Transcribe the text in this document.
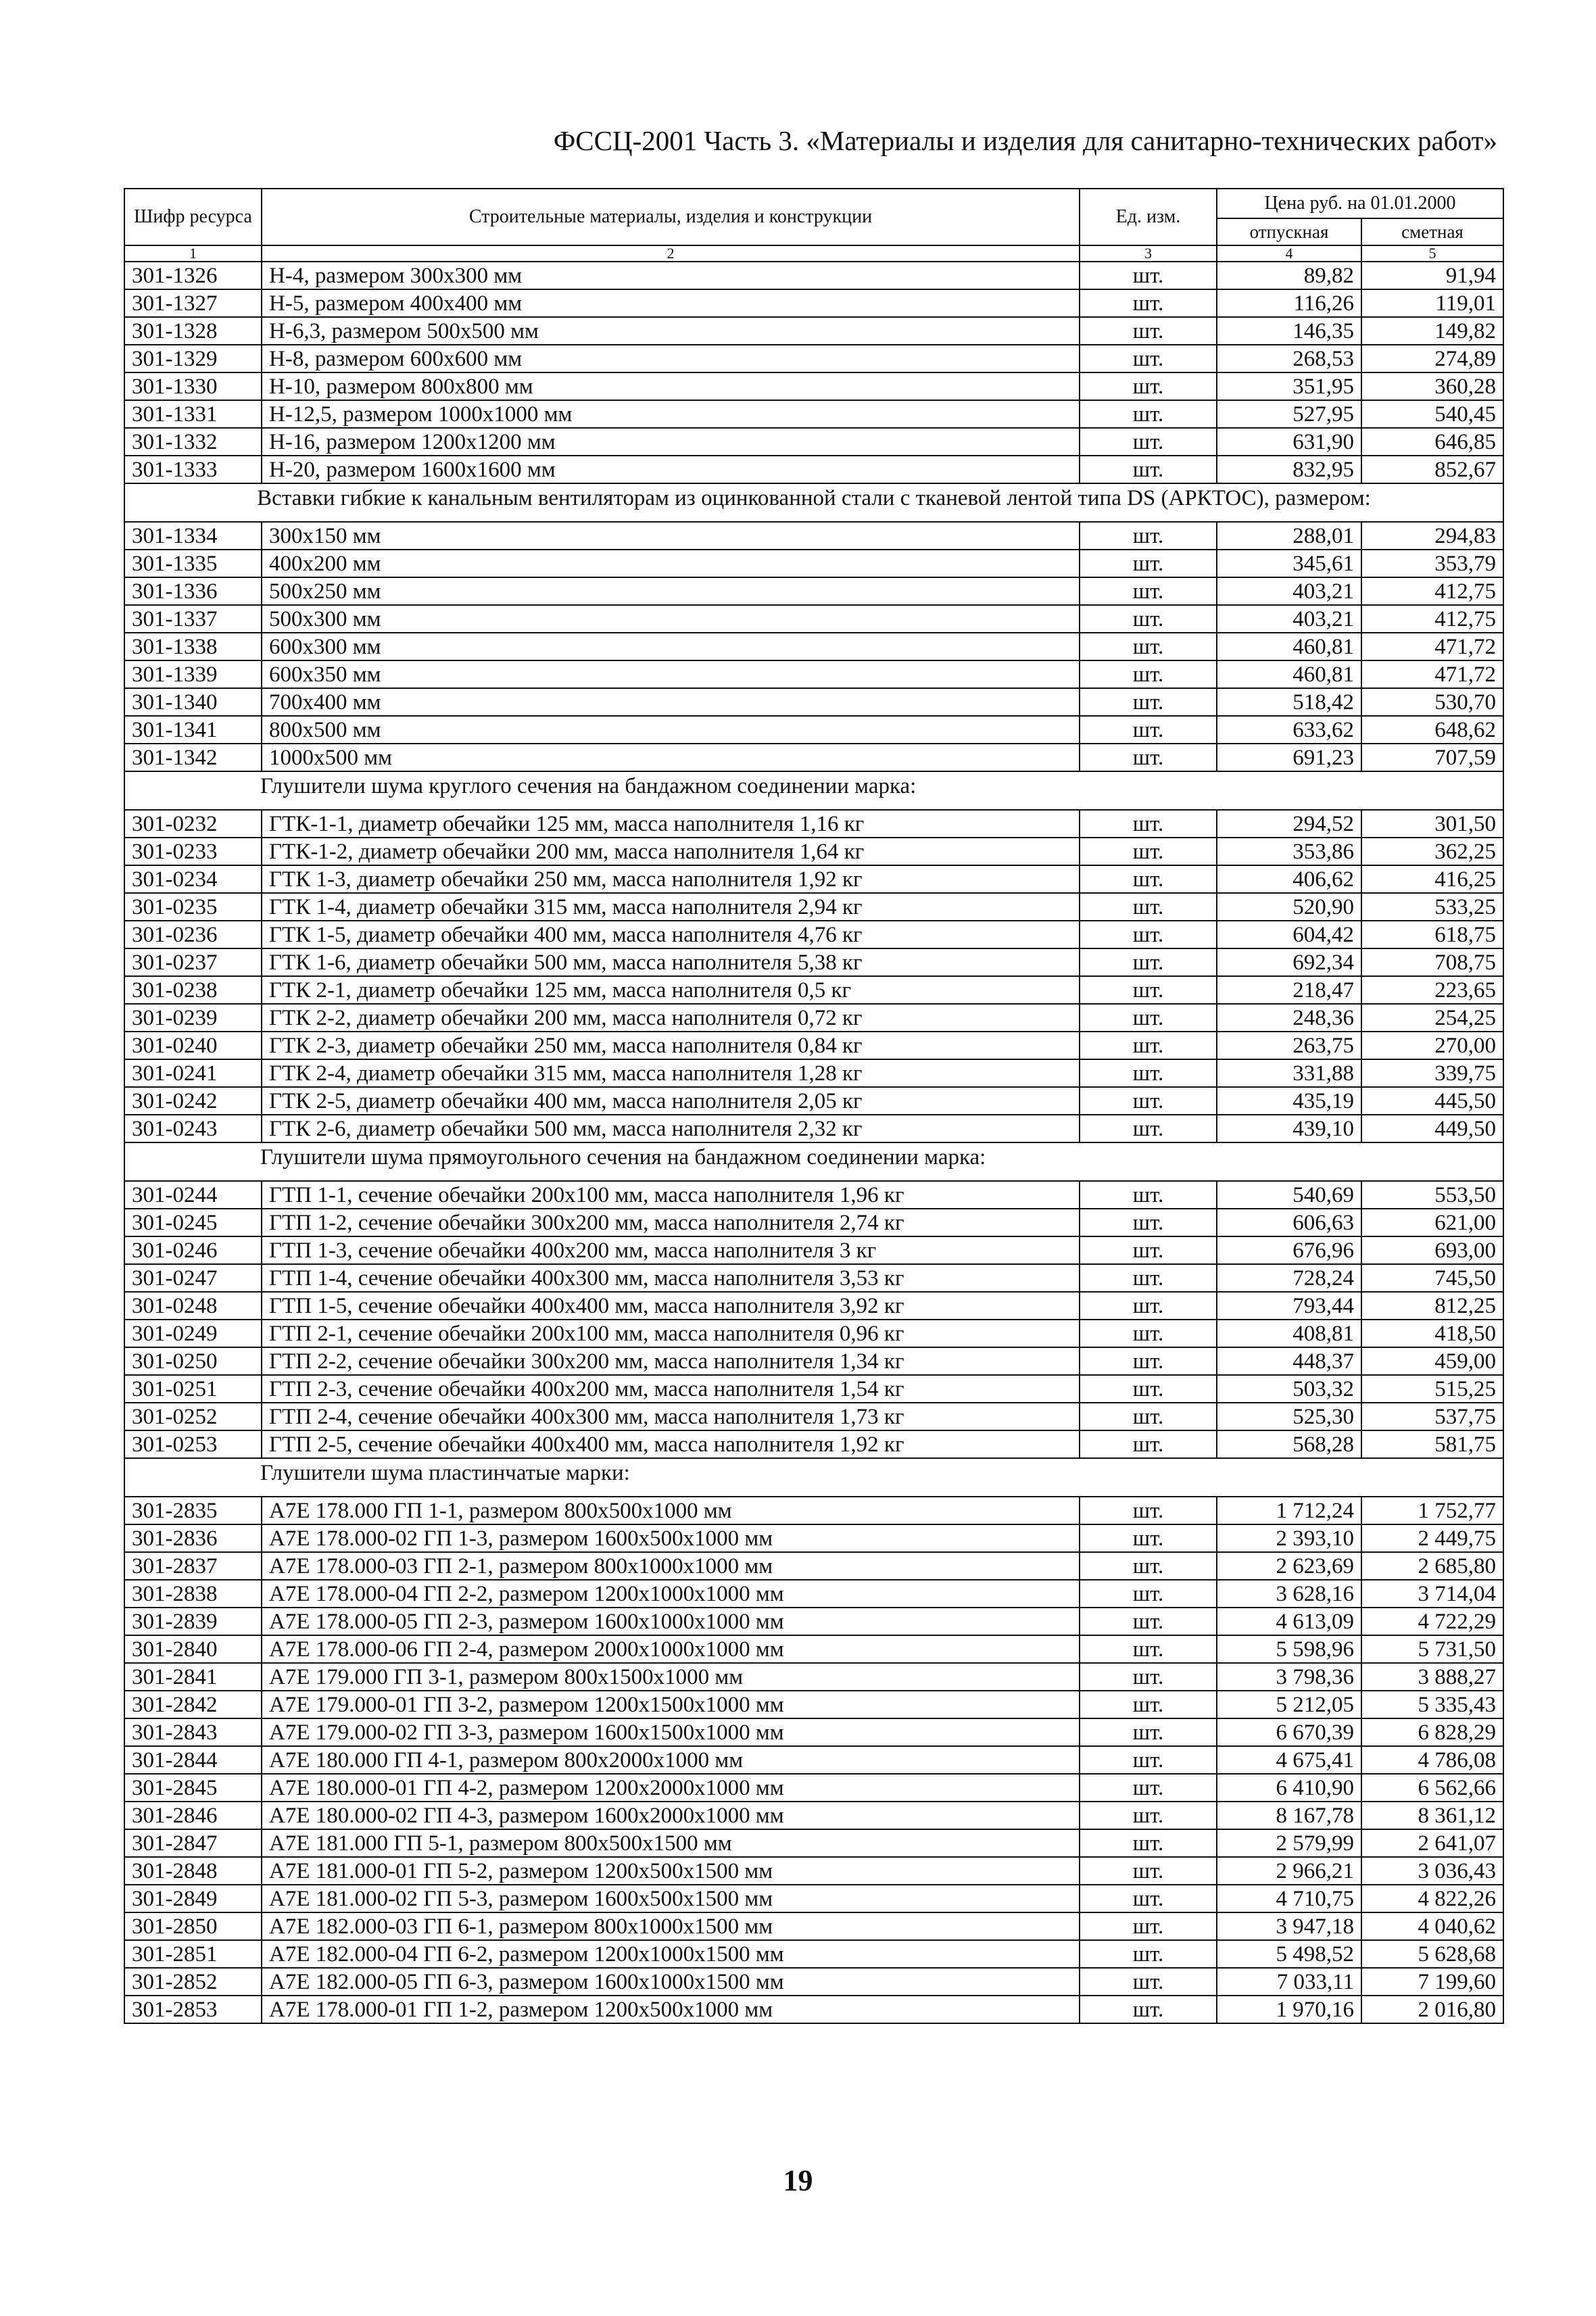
ФССЦ-2001 Часть 3. «Материалы и изделия для санитарно-технических работ»
Шифр ресурса	Строительные материалы, изделия и конструкции	Ед. изм.	Цена руб. на 01.01.2000	
			отпускная	сметная
1	2	3	4	5
301-1326	Н-4, размером 300x300 мм	шт.	89,82	91,94
301-1327	Н-5, размером 400x400 мм	шт.	116,26	119,01
301-1328	Н-6,3, размером 500x500 мм	шт.	146,35	149,82
301-1329	Н-8, размером 600x600 мм	шт.	268,53	274,89
301-1330	Н-10, размером 800x800 мм	шт.	351,95	360,28
301-1331	Н-12,5, размером 1000x1000 мм	шт.	527,95	540,45
301-1332	Н-16, размером 1200x1200 мм	шт.	631,90	646,85
301-1333	Н-20, размером 1600x1600 мм	шт.	832,95	852,67
Вставки гибкие к канальным вентиляторам из оцинкованной стали с тканевой лентой типа DS (АРКТОС), размером:				
301-1334	300x150 мм	шт.	288,01	294,83
301-1335	400x200 мм	шт.	345,61	353,79
301-1336	500x250 мм	шт.	403,21	412,75
301-1337	500x300 мм	шт.	403,21	412,75
301-1338	600x300 мм	шт.	460,81	471,72
301-1339	600x350 мм	шт.	460,81	471,72
301-1340	700x400 мм	шт.	518,42	530,70
301-1341	800x500 мм	шт.	633,62	648,62
301-1342	1000x500 мм	шт.	691,23	707,59
Глушители шума круглого сечения на бандажном соединении марка:				
301-0232	ГТК-1-1, диаметр обечайки 125 мм, масса наполнителя 1,16 кг	шт.	294,52	301,50
301-0233	ГТК-1-2, диаметр обечайки 200 мм, масса наполнителя 1,64 кг	шт.	353,86	362,25
301-0234	ГТК 1-3, диаметр обечайки 250 мм, масса наполнителя 1,92 кг	шт.	406,62	416,25
301-0235	ГТК 1-4, диаметр обечайки 315 мм, масса наполнителя 2,94 кг	шт.	520,90	533,25
301-0236	ГТК 1-5, диаметр обечайки 400 мм, масса наполнителя 4,76 кг	шт.	604,42	618,75
301-0237	ГТК 1-6, диаметр обечайки 500 мм, масса наполнителя 5,38 кг	шт.	692,34	708,75
301-0238	ГТК 2-1, диаметр обечайки 125 мм, масса наполнителя 0,5 кг	шт.	218,47	223,65
301-0239	ГТК 2-2, диаметр обечайки 200 мм, масса наполнителя 0,72 кг	шт.	248,36	254,25
301-0240	ГТК 2-3, диаметр обечайки 250 мм, масса наполнителя 0,84 кг	шт.	263,75	270,00
301-0241	ГТК 2-4, диаметр обечайки 315 мм, масса наполнителя 1,28 кг	шт.	331,88	339,75
301-0242	ГТК 2-5, диаметр обечайки 400 мм, масса наполнителя 2,05 кг	шт.	435,19	445,50
301-0243	ГТК 2-6, диаметр обечайки 500 мм, масса наполнителя 2,32 кг	шт.	439,10	449,50
Глушители шума прямоугольного сечения на бандажном соединении марка:				
301-0244	ГТП 1-1, сечение обечайки 200x100 мм, масса наполнителя 1,96 кг	шт.	540,69	553,50
301-0245	ГТП 1-2, сечение обечайки 300x200 мм, масса наполнителя 2,74 кг	шт.	606,63	621,00
301-0246	ГТП 1-3, сечение обечайки 400x200 мм, масса наполнителя 3 кг	шт.	676,96	693,00
301-0247	ГТП 1-4, сечение обечайки 400x300 мм, масса наполнителя 3,53 кг	шт.	728,24	745,50
301-0248	ГТП 1-5, сечение обечайки 400x400 мм, масса наполнителя 3,92 кг	шт.	793,44	812,25
301-0249	ГТП 2-1, сечение обечайки 200x100 мм, масса наполнителя 0,96 кг	шт.	408,81	418,50
301-0250	ГТП 2-2, сечение обечайки 300x200 мм, масса наполнителя 1,34 кг	шт.	448,37	459,00
301-0251	ГТП 2-3, сечение обечайки 400x200 мм, масса наполнителя 1,54 кг	шт.	503,32	515,25
301-0252	ГТП 2-4, сечение обечайки 400x300 мм, масса наполнителя 1,73 кг	шт.	525,30	537,75
301-0253	ГТП 2-5, сечение обечайки 400x400 мм, масса наполнителя 1,92 кг	шт.	568,28	581,75
Глушители шума пластинчатые марки:				
301-2835	А7Е 178.000 ГП 1-1, размером 800x500x1000 мм	шт.	1 712,24	1 752,77
301-2836	А7Е 178.000-02 ГП 1-3, размером 1600x500x1000 мм	шт.	2 393,10	2 449,75
301-2837	А7Е 178.000-03 ГП 2-1, размером 800x1000x1000 мм	шт.	2 623,69	2 685,80
301-2838	А7Е 178.000-04 ГП 2-2, размером 1200x1000x1000 мм	шт.	3 628,16	3 714,04
301-2839	А7Е 178.000-05 ГП 2-3, размером 1600x1000x1000 мм	шт.	4 613,09	4 722,29
301-2840	А7Е 178.000-06 ГП 2-4, размером 2000x1000x1000 мм	шт.	5 598,96	5 731,50
301-2841	А7Е 179.000 ГП 3-1, размером 800x1500x1000 мм	шт.	3 798,36	3 888,27
301-2842	А7Е 179.000-01 ГП 3-2, размером 1200x1500x1000 мм	шт.	5 212,05	5 335,43
301-2843	А7Е 179.000-02 ГП 3-3, размером 1600x1500x1000 мм	шт.	6 670,39	6 828,29
301-2844	А7Е 180.000 ГП 4-1, размером 800x2000x1000 мм	шт.	4 675,41	4 786,08
301-2845	А7Е 180.000-01 ГП 4-2, размером 1200x2000x1000 мм	шт.	6 410,90	6 562,66
301-2846	А7Е 180.000-02 ГП 4-3, размером 1600x2000x1000 мм	шт.	8 167,78	8 361,12
301-2847	А7Е 181.000 ГП 5-1, размером 800x500x1500 мм	шт.	2 579,99	2 641,07
301-2848	А7Е 181.000-01 ГП 5-2, размером 1200x500x1500 мм	шт.	2 966,21	3 036,43
301-2849	А7Е 181.000-02 ГП 5-3, размером 1600x500x1500 мм	шт.	4 710,75	4 822,26
301-2850	А7Е 182.000-03 ГП 6-1, размером 800x1000x1500 мм	шт.	3 947,18	4 040,62
301-2851	А7Е 182.000-04 ГП 6-2, размером 1200x1000x1500 мм	шт.	5 498,52	5 628,68
301-2852	А7Е 182.000-05 ГП 6-3, размером 1600x1000x1500 мм	шт.	7 033,11	7 199,60
301-2853	А7Е 178.000-01 ГП 1-2, размером 1200x500x1000 мм	шт.	1 970,16	2 016,80
19
